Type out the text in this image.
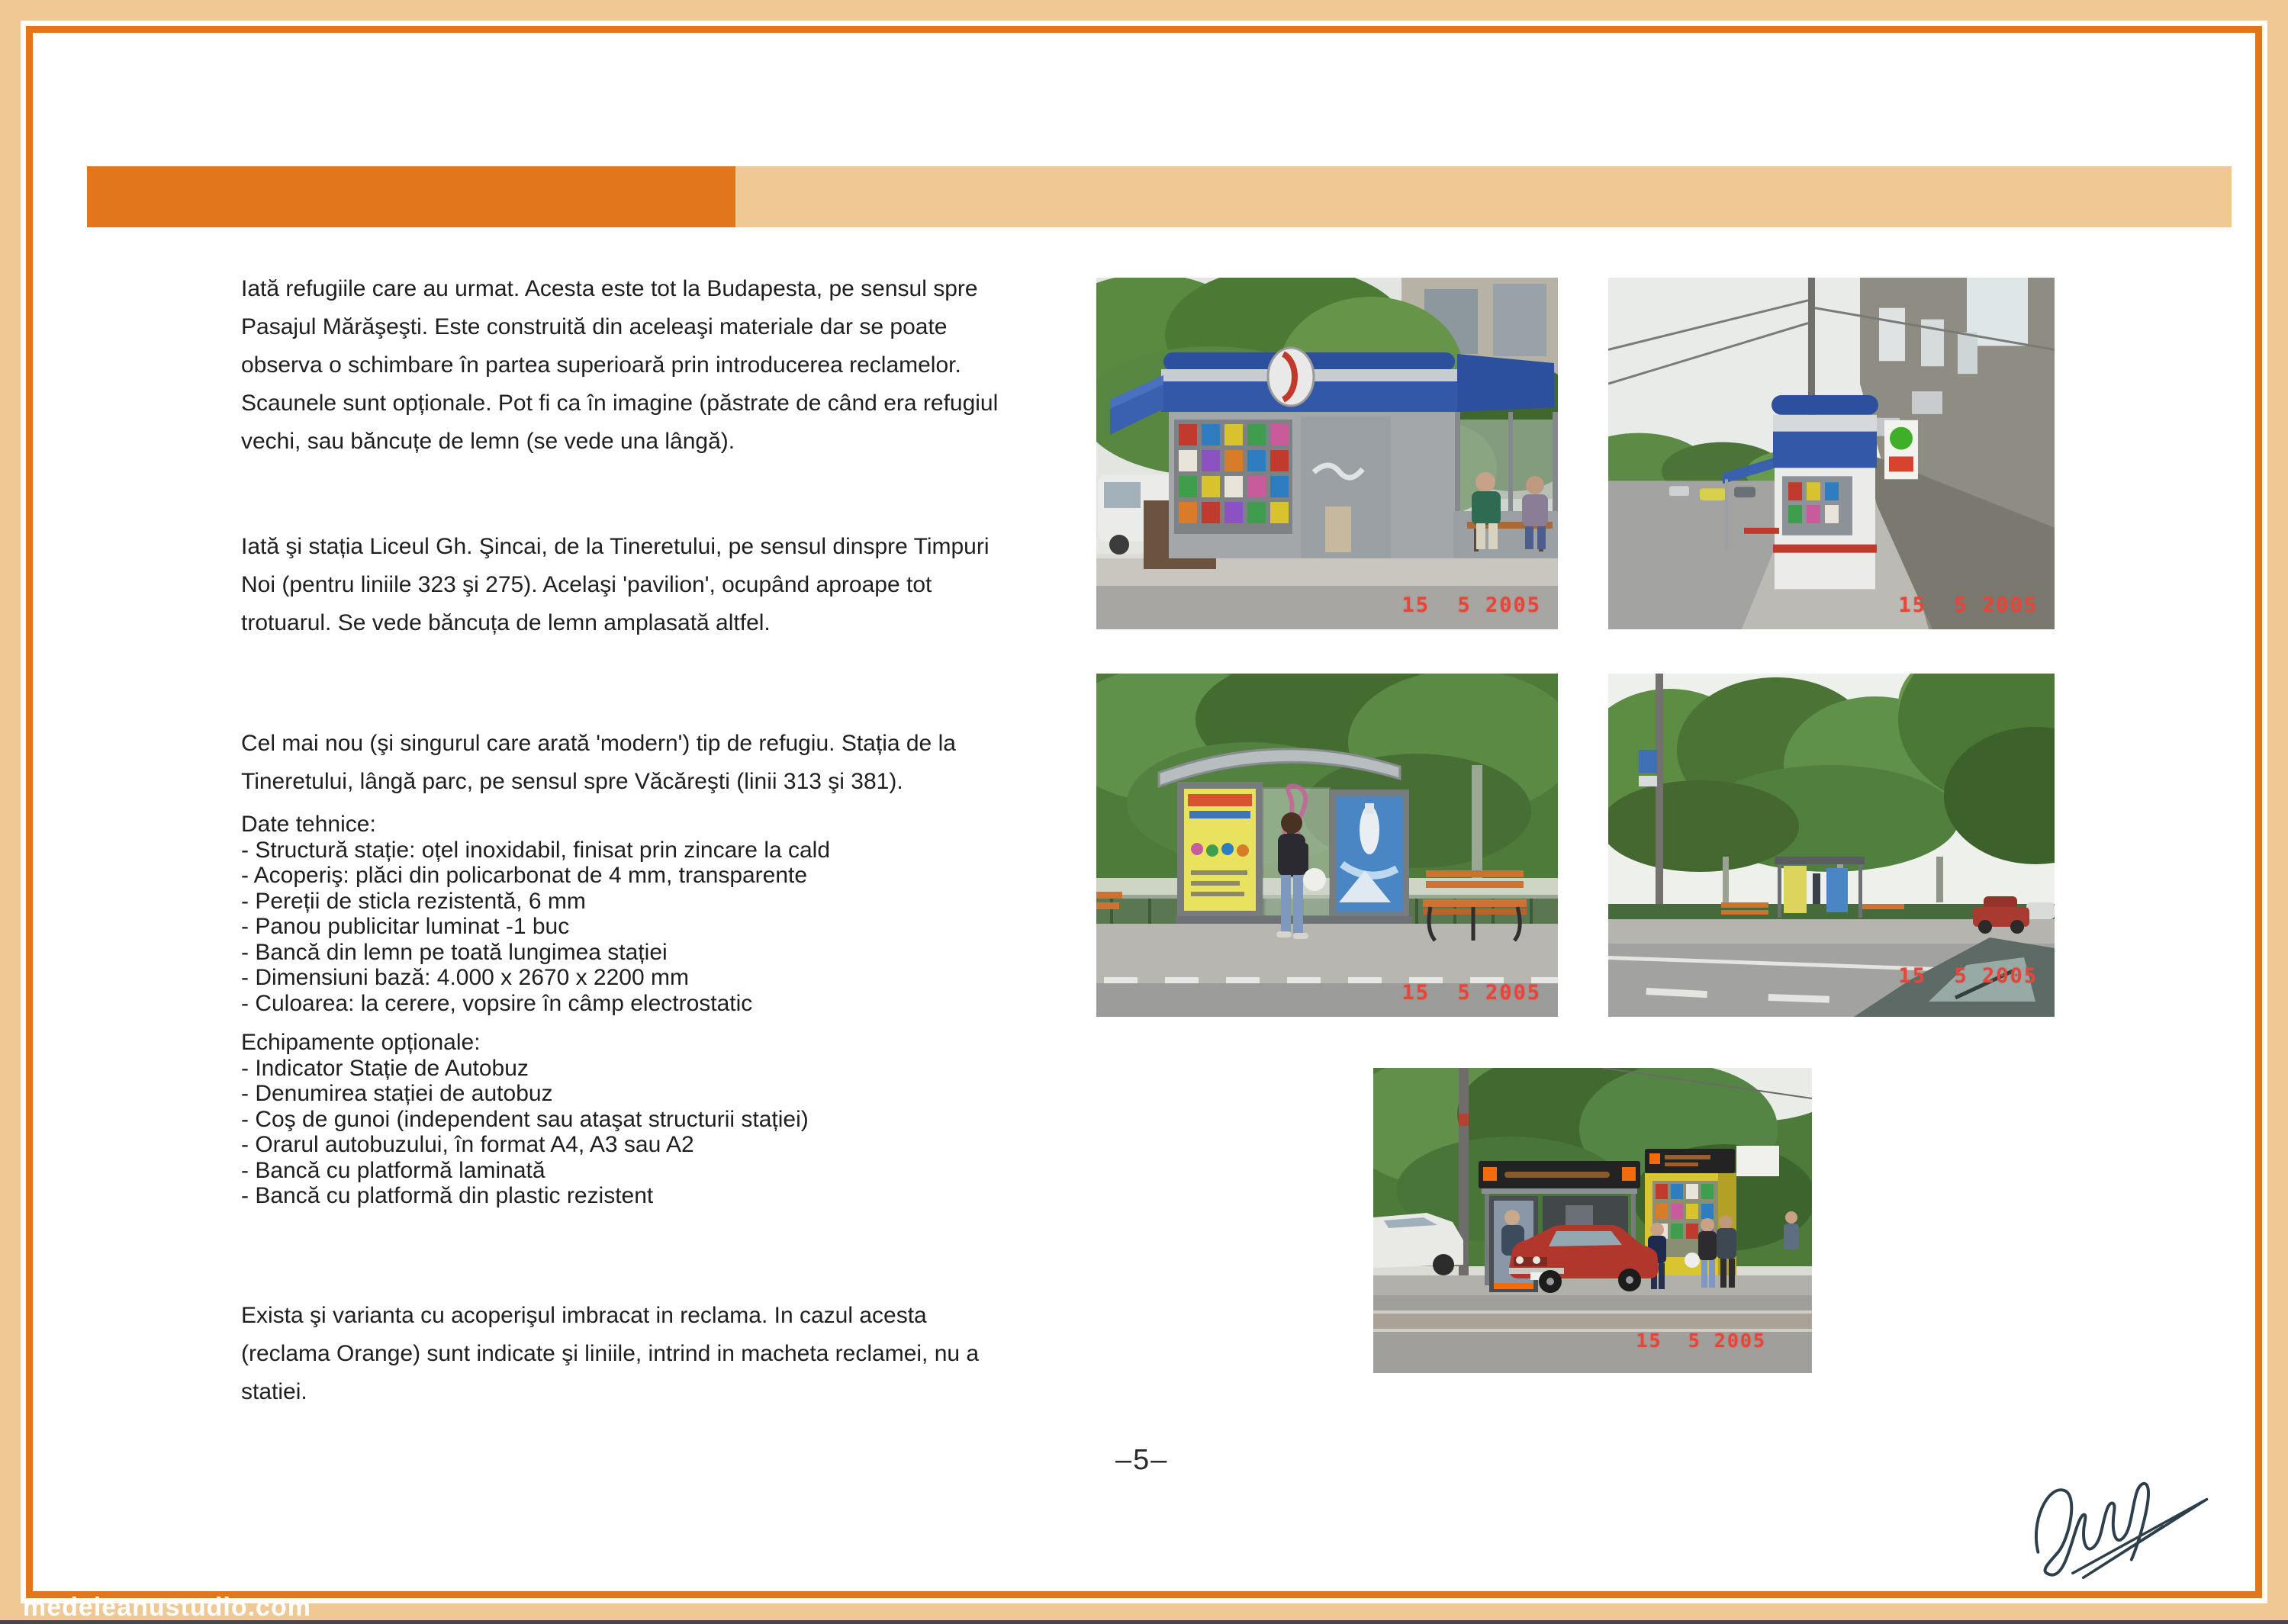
Iată refugiile care au urmat. Acesta este tot la Budapesta, pe sensul spre Pasajul Mărăşeşti. Este construită din aceleaşi materiale dar se poate observa o schimbare în partea superioară prin introducerea reclamelor. Scaunele sunt opționale. Pot fi ca în imagine (păstrate de când era refugiul vechi, sau băncuțe de lemn (se vede una lângă).
Iată şi stația Liceul Gh. Şincai, de la Tineretului, pe sensul dinspre Timpuri Noi (pentru liniile 323 şi 275). Acelaşi 'pavilion', ocupând aproape tot trotuarul. Se vede băncuța de lemn amplasată altfel.
Cel mai nou (şi singurul care arată 'modern') tip de refugiu. Stația de la Tineretului, lângă parc, pe sensul spre Văcăreşti (linii 313 şi 381).
Date tehnice:
- Structură stație: oțel inoxidabil, finisat prin zincare la cald
- Acoperiş: plăci din policarbonat de 4 mm, transparente
- Pereții de sticla rezistentă, 6 mm
- Panou publicitar luminat -1 buc
- Bancă din lemn pe toată lungimea stației
- Dimensiuni bază: 4.000 x 2670 x 2200 mm
- Culoarea: la cerere, vopsire în câmp electrostatic
Echipamente opționale:
- Indicator Stație de Autobuz
- Denumirea stației de autobuz
- Coş de gunoi (independent sau ataşat structurii stației)
- Orarul autobuzului, în format A4, A3 sau A2
- Bancă cu platformă laminată
- Bancă cu platformă din plastic rezistent
Exista şi varianta cu acoperişul imbracat in reclama. In cazul acesta (reclama Orange) sunt indicate şi liniile, intrind in macheta reclamei, nu a statiei.
–5–
15  5 2005	15  5 2005
15  5 2005
15  5 2005
15  5 2005
medeleanustudio.com
